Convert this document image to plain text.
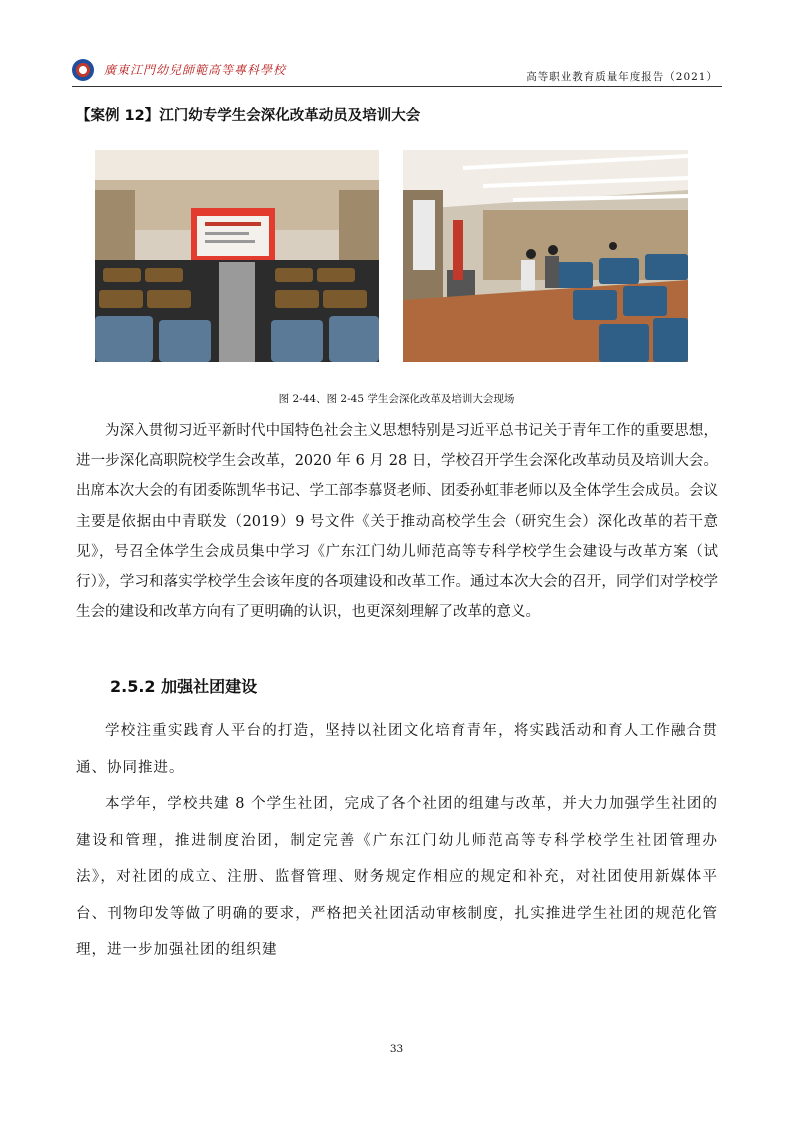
廣東江門幼兒師範高等專科學校	高等职业教育质量年度报告（2021）
【案例 12】江门幼专学生会深化改革动员及培训大会
图 2-44、图 2-45 学生会深化改革及培训大会现场

为深入贯彻习近平新时代中国特色社会主义思想特别是习近平总书记关于青年工作的重要思想，进一步深化高职院校学生会改革，2020 年 6 月 28 日，学校召开学生会深化改革动员及培训大会。出席本次大会的有团委陈凯华书记、学工部李慕贤老师、团委孙虹菲老师以及全体学生会成员。会议主要是依据由中青联发（2019）9 号文件《关于推动高校学生会（研究生会）深化改革的若干意见》，号召全体学生会成员集中学习《广东江门幼儿师范高等专科学校学生会建设与改革方案（试行）》，学习和落实学校学生会该年度的各项建设和改革工作。通过本次大会的召开，同学们对学校学生会的建设和改革方向有了更明确的认识，也更深刻理解了改革的意义。

2.5.2 加强社团建设

学校注重实践育人平台的打造，坚持以社团文化培育青年，将实践活动和育人工作融合贯通、协同推进。

本学年，学校共建 8 个学生社团，完成了各个社团的组建与改革，并大力加强学生社团的建设和管理，推进制度治团，制定完善《广东江门幼儿师范高等专科学校学生社团管理办法》，对社团的成立、注册、监督管理、财务规定作相应的规定和补充，对社团使用新媒体平台、刊物印发等做了明确的要求，严格把关社团活动审核制度，扎实推进学生社团的规范化管理，进一步加强社团的组织建

33
